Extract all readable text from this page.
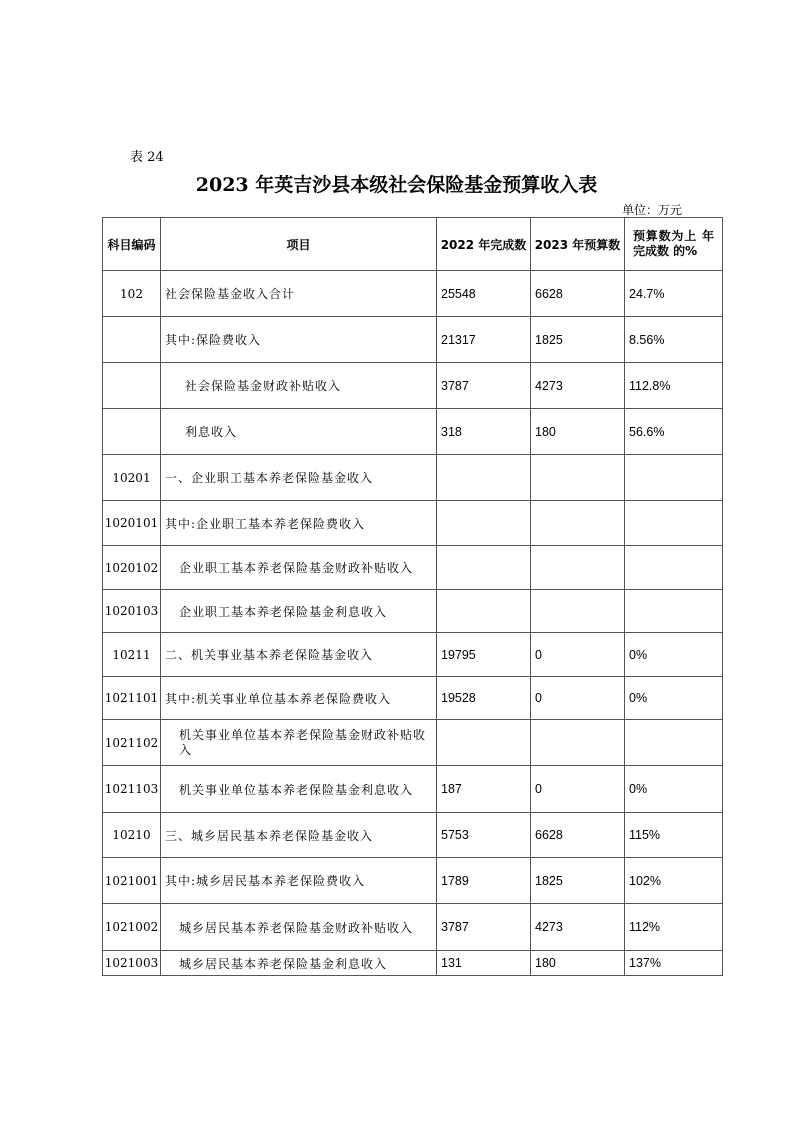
表 24
2023 年英吉沙县本级社会保险基金预算收入表
单位：万元
科目编码	项目	2022 年完成数	2023 年预算数	预算数为上 年 完成数 的%
102	社会保险基金收入合计	25548	6628	24.7%
	其中:保险费收入	21317	1825	8.56%
	社会保险基金财政补贴收入	3787	4273	112.8%
	利息收入	318	180	56.6%
10201	一、企业职工基本养老保险基金收入			
1020101	其中:企业职工基本养老保险费收入			
1020102	企业职工基本养老保险基金财政补贴收入			
1020103	企业职工基本养老保险基金利息收入			
10211	二、机关事业基本养老保险基金收入	19795	0	0%
1021101	其中:机关事业单位基本养老保险费收入	19528	0	0%
1021102	机关事业单位基本养老保险基金财政补贴收 入			
1021103	机关事业单位基本养老保险基金利息收入	187	0	0%
10210	三、城乡居民基本养老保险基金收入	5753	6628	115%
1021001	其中:城乡居民基本养老保险费收入	1789	1825	102%
1021002	城乡居民基本养老保险基金财政补贴收入	3787	4273	112%
1021003	城乡居民基本养老保险基金利息收入	131	180	137%
